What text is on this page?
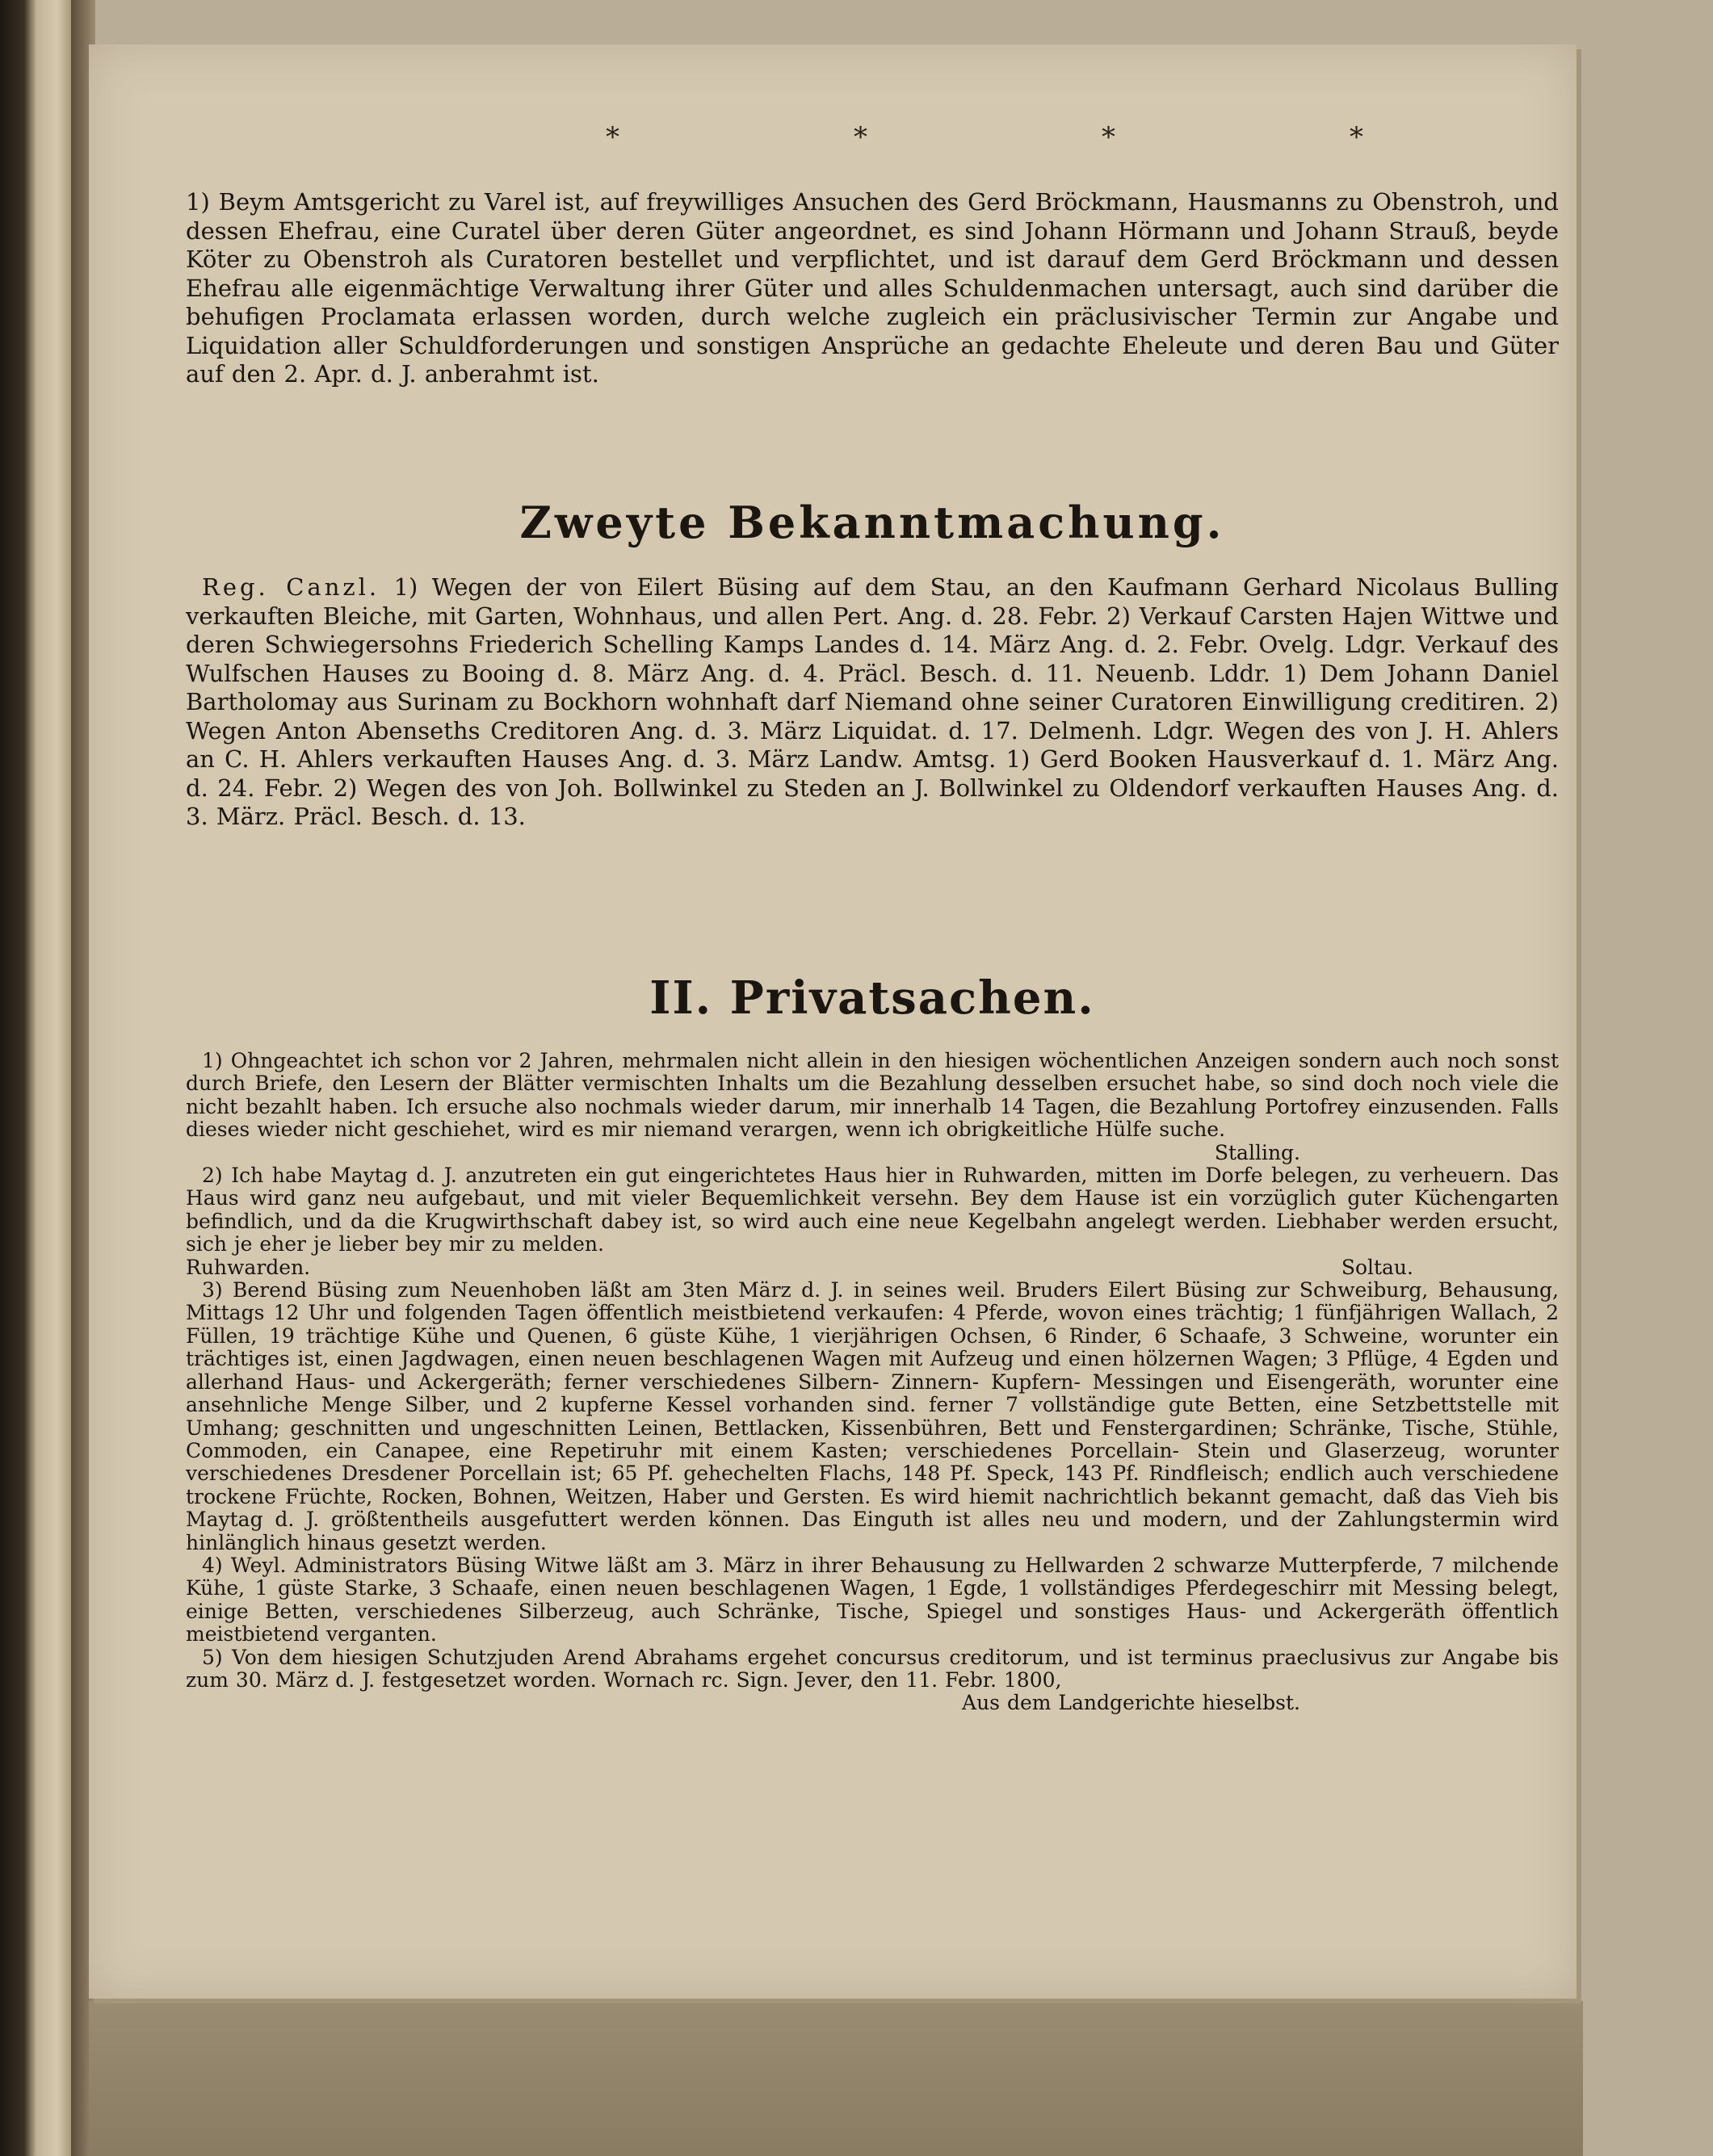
*	*	*	*

1) Beym Amtsgericht zu Varel ist, auf freywilliges Ansuchen des Gerd Bröckmann, Hausmanns zu Obenstroh, und dessen Ehefrau, eine Curatel über deren Güter angeordnet, es sind Johann Hörmann und Johann Strauß, beyde Köter zu Obenstroh als Curatoren bestellet und verpflichtet, und ist darauf dem Gerd Bröckmann und dessen Ehefrau alle eigenmächtige Verwaltung ihrer Güter und alles Schuldenmachen untersagt, auch sind darüber die behufigen Proclamata erlassen worden, durch welche zugleich ein präclusivischer Termin zur Angabe und Liquidation aller Schuldforderungen und sonstigen Ansprüche an gedachte Eheleute und deren Bau und Güter auf den 2. Apr. d. J. anberahmt ist.

Zweyte Bekanntmachung.

Reg. Canzl. 1) Wegen der von Eilert Büsing auf dem Stau, an den Kaufmann Gerhard Nicolaus Bulling verkauften Bleiche, mit Garten, Wohnhaus, und allen Pert. Ang. d. 28. Febr. 2) Verkauf Carsten Hajen Wittwe und deren Schwiegersohns Friederich Schelling Kamps Landes d. 14. März Ang. d. 2. Febr. Ovelg. Ldgr. Verkauf des Wulfschen Hauses zu Booing d. 8. März Ang. d. 4. Präcl. Besch. d. 11. Neuenb. Lddr. 1) Dem Johann Daniel Bartholomay aus Surinam zu Bockhorn wohnhaft darf Niemand ohne seiner Curatoren Einwilligung creditiren. 2) Wegen Anton Abenseths Creditoren Ang. d. 3. März Liquidat. d. 17. Delmenh. Ldgr. Wegen des von J. H. Ahlers an C. H. Ahlers verkauften Hauses Ang. d. 3. März Landw. Amtsg. 1) Gerd Booken Hausverkauf d. 1. März Ang. d. 24. Febr. 2) Wegen des von Joh. Bollwinkel zu Steden an J. Bollwinkel zu Oldendorf verkauften Hauses Ang. d. 3. März. Präcl. Besch. d. 13.

II. Privatsachen.

1) Ohngeachtet ich schon vor 2 Jahren, mehrmalen nicht allein in den hiesigen wöchentlichen Anzeigen sondern auch noch sonst durch Briefe, den Lesern der Blätter vermischten Inhalts um die Bezahlung desselben ersuchet habe, so sind doch noch viele die nicht bezahlt haben. Ich ersuche also nochmals wieder darum, mir innerhalb 14 Tagen, die Bezahlung Portofrey einzusenden. Falls dieses wieder nicht geschiehet, wird es mir niemand verargen, wenn ich obrigkeitliche Hülfe suche.

Stalling.

2) Ich habe Maytag d. J. anzutreten ein gut eingerichtetes Haus hier in Ruhwarden, mitten im Dorfe belegen, zu verheuern. Das Haus wird ganz neu aufgebaut, und mit vieler Bequemlichkeit versehn. Bey dem Hause ist ein vorzüglich guter Küchengarten befindlich, und da die Krugwirthschaft dabey ist, so wird auch eine neue Kegelbahn angelegt werden. Liebhaber werden ersucht, sich je eher je lieber bey mir zu melden.

Ruhwarden.	Soltau.

3) Berend Büsing zum Neuenhoben läßt am 3ten März d. J. in seines weil. Bruders Eilert Büsing zur Schweiburg, Behausung, Mittags 12 Uhr und folgenden Tagen öffentlich meistbietend verkaufen: 4 Pferde, wovon eines trächtig; 1 fünfjährigen Wallach, 2 Füllen, 19 trächtige Kühe und Quenen, 6 güste Kühe, 1 vierjährigen Ochsen, 6 Rinder, 6 Schaafe, 3 Schweine, worunter ein trächtiges ist, einen Jagdwagen, einen neuen beschlagenen Wagen mit Aufzeug und einen hölzernen Wagen; 3 Pflüge, 4 Egden und allerhand Haus- und Ackergeräth; ferner verschiedenes Silbern- Zinnern- Kupfern- Messingen und Eisengeräth, worunter eine ansehnliche Menge Silber, und 2 kupferne Kessel vorhanden sind. ferner 7 vollständige gute Betten, eine Setzbettstelle mit Umhang; geschnitten und ungeschnitten Leinen, Bettlacken, Kissenbühren, Bett und Fenstergardinen; Schränke, Tische, Stühle, Commoden, ein Canapee, eine Repetiruhr mit einem Kasten; verschiedenes Porcellain- Stein und Glaserzeug, worunter verschiedenes Dresdener Porcellain ist; 65 Pf. gehechelten Flachs, 148 Pf. Speck, 143 Pf. Rindfleisch; endlich auch verschiedene trockene Früchte, Rocken, Bohnen, Weitzen, Haber und Gersten. Es wird hiemit nachrichtlich bekannt gemacht, daß das Vieh bis Maytag d. J. größtentheils ausgefuttert werden können. Das Einguth ist alles neu und modern, und der Zahlungstermin wird hinlänglich hinaus gesetzt werden.

4) Weyl. Administrators Büsing Witwe läßt am 3. März in ihrer Behausung zu Hellwarden 2 schwarze Mutterpferde, 7 milchende Kühe, 1 güste Starke, 3 Schaafe, einen neuen beschlagenen Wagen, 1 Egde, 1 vollständiges Pferdegeschirr mit Messing belegt, einige Betten, verschiedenes Silberzeug, auch Schränke, Tische, Spiegel und sonstiges Haus- und Ackergeräth öffentlich meistbietend verganten.

5) Von dem hiesigen Schutzjuden Arend Abrahams ergehet concursus creditorum, und ist terminus praeclusivus zur Angabe bis zum 30. März d. J. festgesetzet worden. Wornach rc. Sign. Jever, den 11. Febr. 1800,

Aus dem Landgerichte hieselbst.
